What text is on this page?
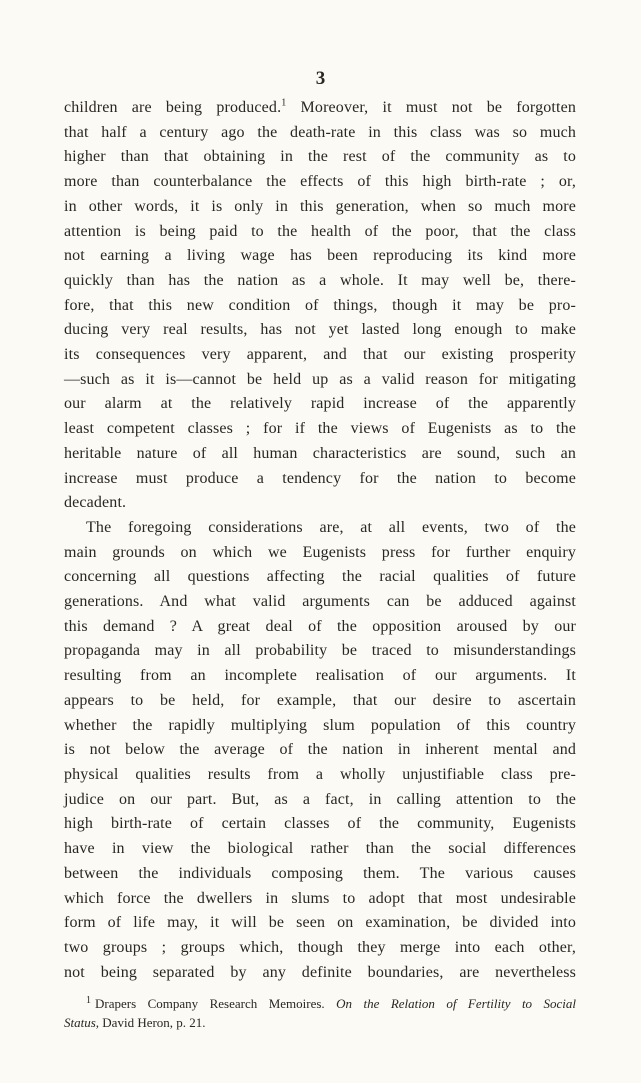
3
children are being produced.$^1$ Moreover, it must not be forgotten
that half a century ago the death-rate in this class was so much
higher than that obtaining in the rest of the community as to
more than counterbalance the effects of this high birth-rate ; or,
in other words, it is only in this generation, when so much more
attention is being paid to the health of the poor, that the class
not earning a living wage has been reproducing its kind more
quickly than has the nation as a whole. It may well be, there-
fore, that this new condition of things, though it may be pro-
ducing very real results, has not yet lasted long enough to make
its consequences very apparent, and that our existing prosperity
—such as it is—cannot be held up as a valid reason for mitigating
our alarm at the relatively rapid increase of the apparently
least competent classes ; for if the views of Eugenists as to the
heritable nature of all human characteristics are sound, such an
increase must produce a tendency for the nation to become
decadent.
The foregoing considerations are, at all events, two of the
main grounds on which we Eugenists press for further enquiry
concerning all questions affecting the racial qualities of future
generations. And what valid arguments can be adduced against
this demand ? A great deal of the opposition aroused by our
propaganda may in all probability be traced to misunderstandings
resulting from an incomplete realisation of our arguments. It
appears to be held, for example, that our desire to ascertain
whether the rapidly multiplying slum population of this country
is not below the average of the nation in inherent mental and
physical qualities results from a wholly unjustifiable class pre-
judice on our part. But, as a fact, in calling attention to the
high birth-rate of certain classes of the community, Eugenists
have in view the biological rather than the social differences
between the individuals composing them. The various causes
which force the dwellers in slums to adopt that most undesirable
form of life may, it will be seen on examination, be divided into
two groups ; groups which, though they merge into each other,
not being separated by any definite boundaries, are nevertheless
$^1$ Drapers Company Research Memoires. On the Relation of Fertility to Social
Status, David Heron, p. 21.
